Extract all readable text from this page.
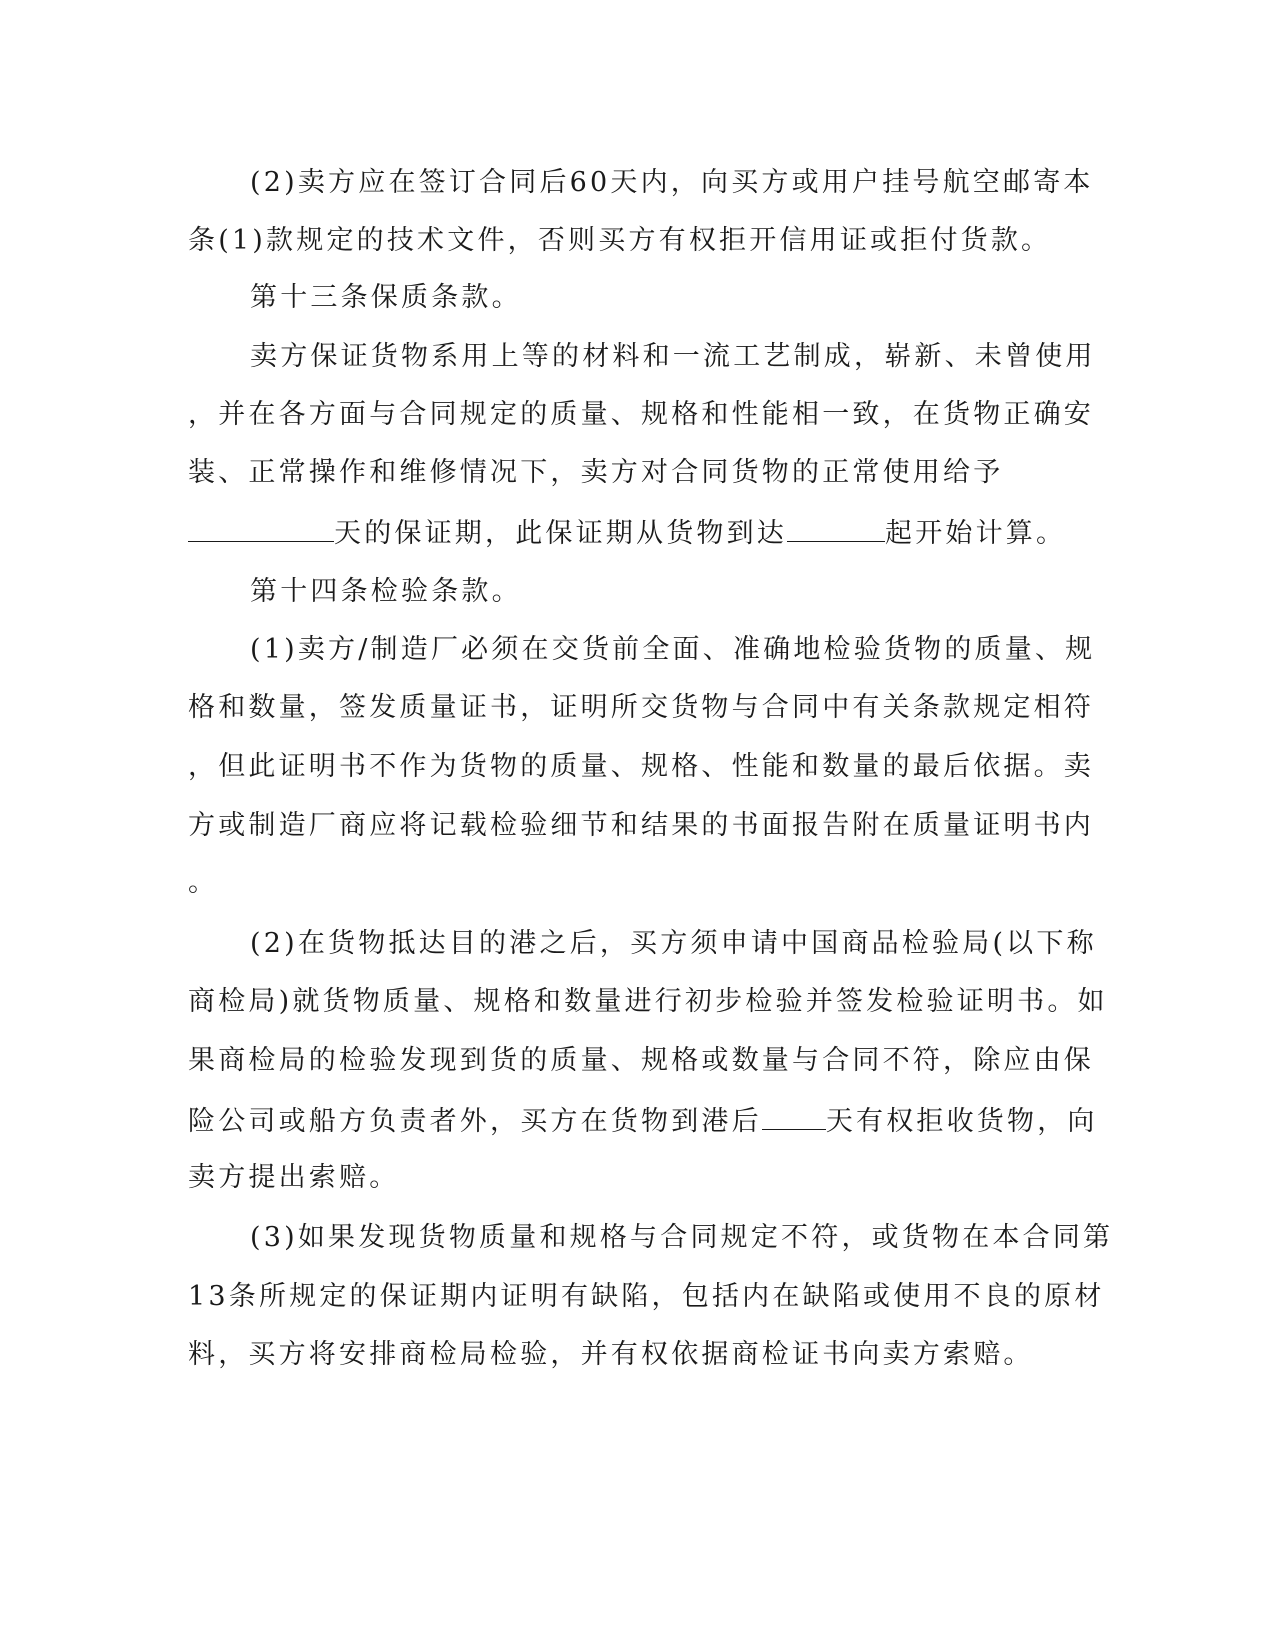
(2)卖方应在签订合同后60天内，向买方或用户挂号航空邮寄本
条(1)款规定的技术文件，否则买方有权拒开信用证或拒付货款。
第十三条保质条款。
卖方保证货物系用上等的材料和一流工艺制成，崭新、未曾使用
，并在各方面与合同规定的质量、规格和性能相一致，在货物正确安
装、正常操作和维修情况下，卖方对合同货物的正常使用给予
天的保证期，此保证期从货物到达	起开始计算。
第十四条检验条款。
(1)卖方/制造厂必须在交货前全面、准确地检验货物的质量、规
格和数量，签发质量证书，证明所交货物与合同中有关条款规定相符
，但此证明书不作为货物的质量、规格、性能和数量的最后依据。卖
方或制造厂商应将记载检验细节和结果的书面报告附在质量证明书内
。
(2)在货物抵达目的港之后，买方须申请中国商品检验局(以下称
商检局)就货物质量、规格和数量进行初步检验并签发检验证明书。如
果商检局的检验发现到货的质量、规格或数量与合同不符，除应由保
险公司或船方负责者外，买方在货物到港后 天有权拒收货物，向
卖方提出索赔。
(3)如果发现货物质量和规格与合同规定不符，或货物在本合同第
13条所规定的保证期内证明有缺陷，包括内在缺陷或使用不良的原材
料，买方将安排商检局检验，并有权依据商检证书向卖方索赔。
